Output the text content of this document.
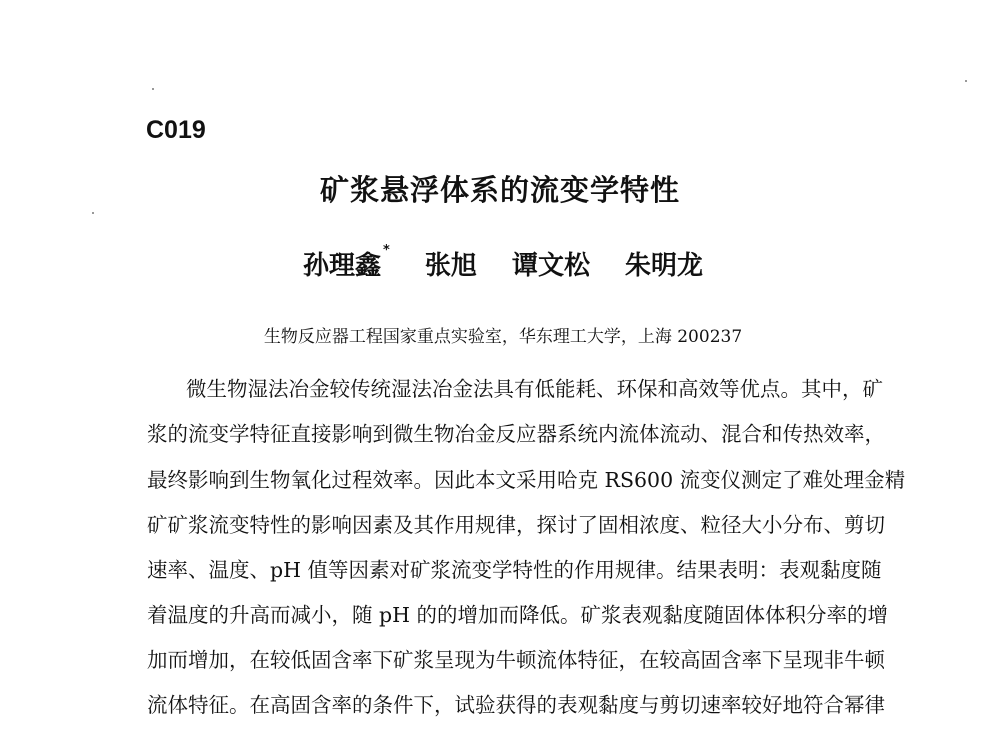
C019
矿浆悬浮体系的流变学特性
孙理鑫* 张旭 谭文松 朱明龙
生物反应器工程国家重点实验室，华东理工大学，上海 200237
微生物湿法冶金较传统湿法冶金法具有低能耗、环保和高效等优点。其中，矿
浆的流变学特征直接影响到微生物冶金反应器系统内流体流动、混合和传热效率，
最终影响到生物氧化过程效率。因此本文采用哈克 RS600 流变仪测定了难处理金精
矿矿浆流变特性的影响因素及其作用规律，探讨了固相浓度、粒径大小分布、剪切
速率、温度、pH 值等因素对矿浆流变学特性的作用规律。结果表明：表观黏度随
着温度的升高而减小，随 pH 的的增加而降低。矿浆表观黏度随固体体积分率的增
加而增加，在较低固含率下矿浆呈现为牛顿流体特征，在较高固含率下呈现非牛顿
流体特征。在高固含率的条件下，试验获得的表观黏度与剪切速率较好地符合幂律
